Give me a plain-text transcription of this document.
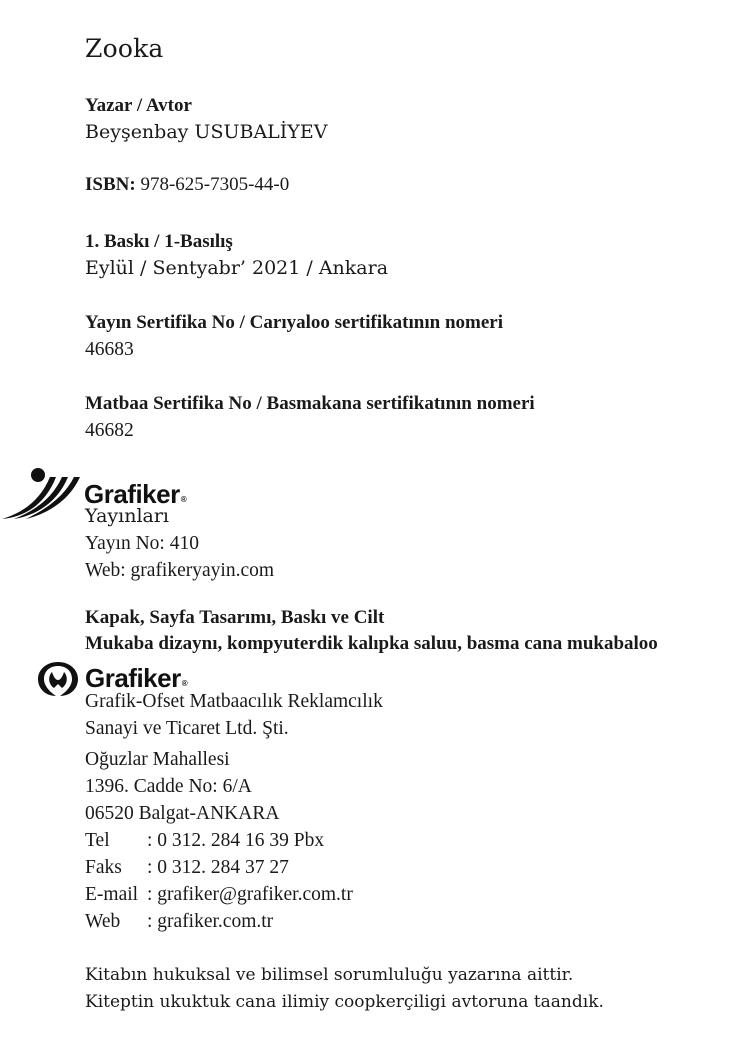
Zooka
Yazar / Avtor
Beyşenbay USUBALİYEV
ISBN: 978-625-7305-44-0
1. Baskı / 1-Basılış
Eylül / Sentyabr’ 2021 / Ankara
Yayın Sertifika No / Carıyaloo sertifikatının nomeri
46683
Matbaa Sertifika No / Basmakana sertifikatının nomeri
46682
Yayınları
Yayın No: 410
Web: grafikeryayin.com
Kapak, Sayfa Tasarımı, Baskı ve Cilt
Mukaba dizaynı, kompyuterdik kalıpka saluu, basma cana mukabaloo
Grafik-Ofset Matbaacılık Reklamcılık
Sanayi ve Ticaret Ltd. Şti.
Oğuzlar Mahallesi
1396. Cadde No: 6/A
06520 Balgat-ANKARA
Tel	: 0 312. 284 16 39 Pbx
Faks	: 0 312. 284 37 27
E-mail : grafiker@grafiker.com.tr
Web	: grafiker.com.tr
Grafiker®
Grafiker®
Kitabın hukuksal ve bilimsel sorumluluğu yazarına aittir.
Kiteptin ukuktuk cana ilimiy coopkerçiligi avtoruna taandık.
